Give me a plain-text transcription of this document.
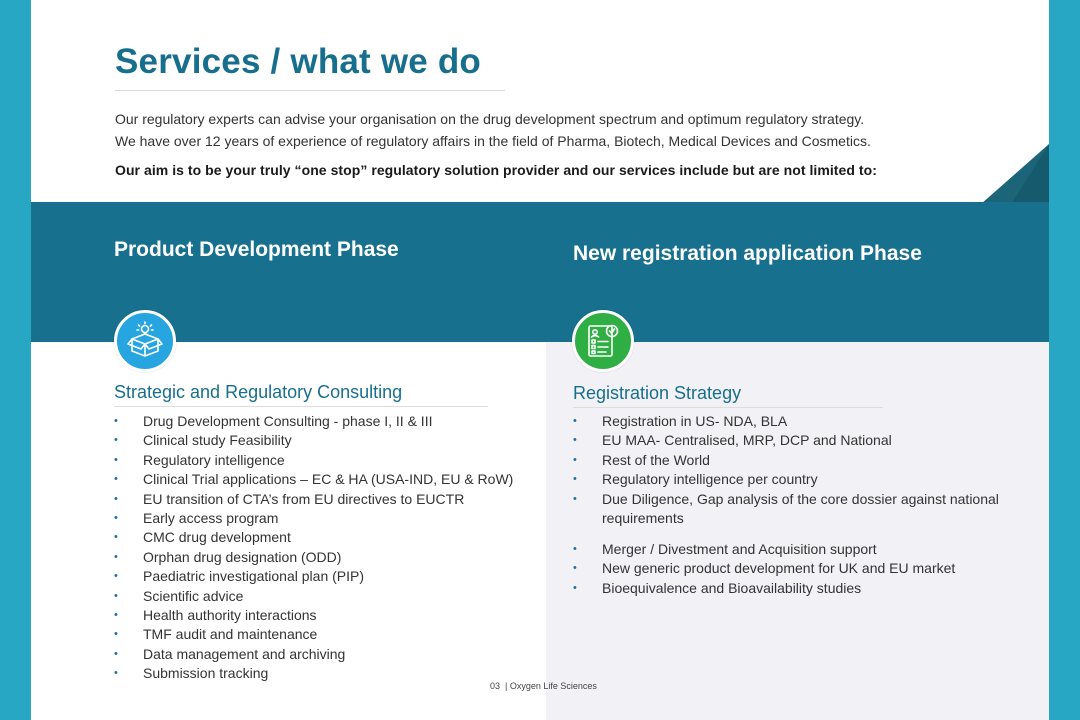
Services / what we do
Our regulatory experts can advise your organisation on the drug development spectrum and optimum regulatory strategy.
We have over 12 years of experience of regulatory affairs in the field of Pharma, Biotech, Medical Devices and Cosmetics.
Our aim is to be your truly “one stop” regulatory solution provider and our services include but are not limited to:
Product Development Phase	New registration application Phase
Strategic and Regulatory Consulting	Registration Strategy
• Drug Development Consulting - phase I, II & III
• Clinical study Feasibility
• Regulatory intelligence
• Clinical Trial applications – EC & HA (USA-IND, EU & RoW)
• EU transition of CTA’s from EU directives to EUCTR
• Early access program
• CMC drug development
• Orphan drug designation (ODD)
• Paediatric investigational plan (PIP)
• Scientific advice
• Health authority interactions
• TMF audit and maintenance
• Data management and archiving
• Submission tracking
• Registration in US- NDA, BLA
• EU MAA- Centralised, MRP, DCP and National
• Rest of the World
• Regulatory intelligence per country
• Due Diligence, Gap analysis of the core dossier against national requirements
• Merger / Divestment and Acquisition support
• New generic product development for UK and EU market
• Bioequivalence and Bioavailability studies
03 | Oxygen Life Sciences
